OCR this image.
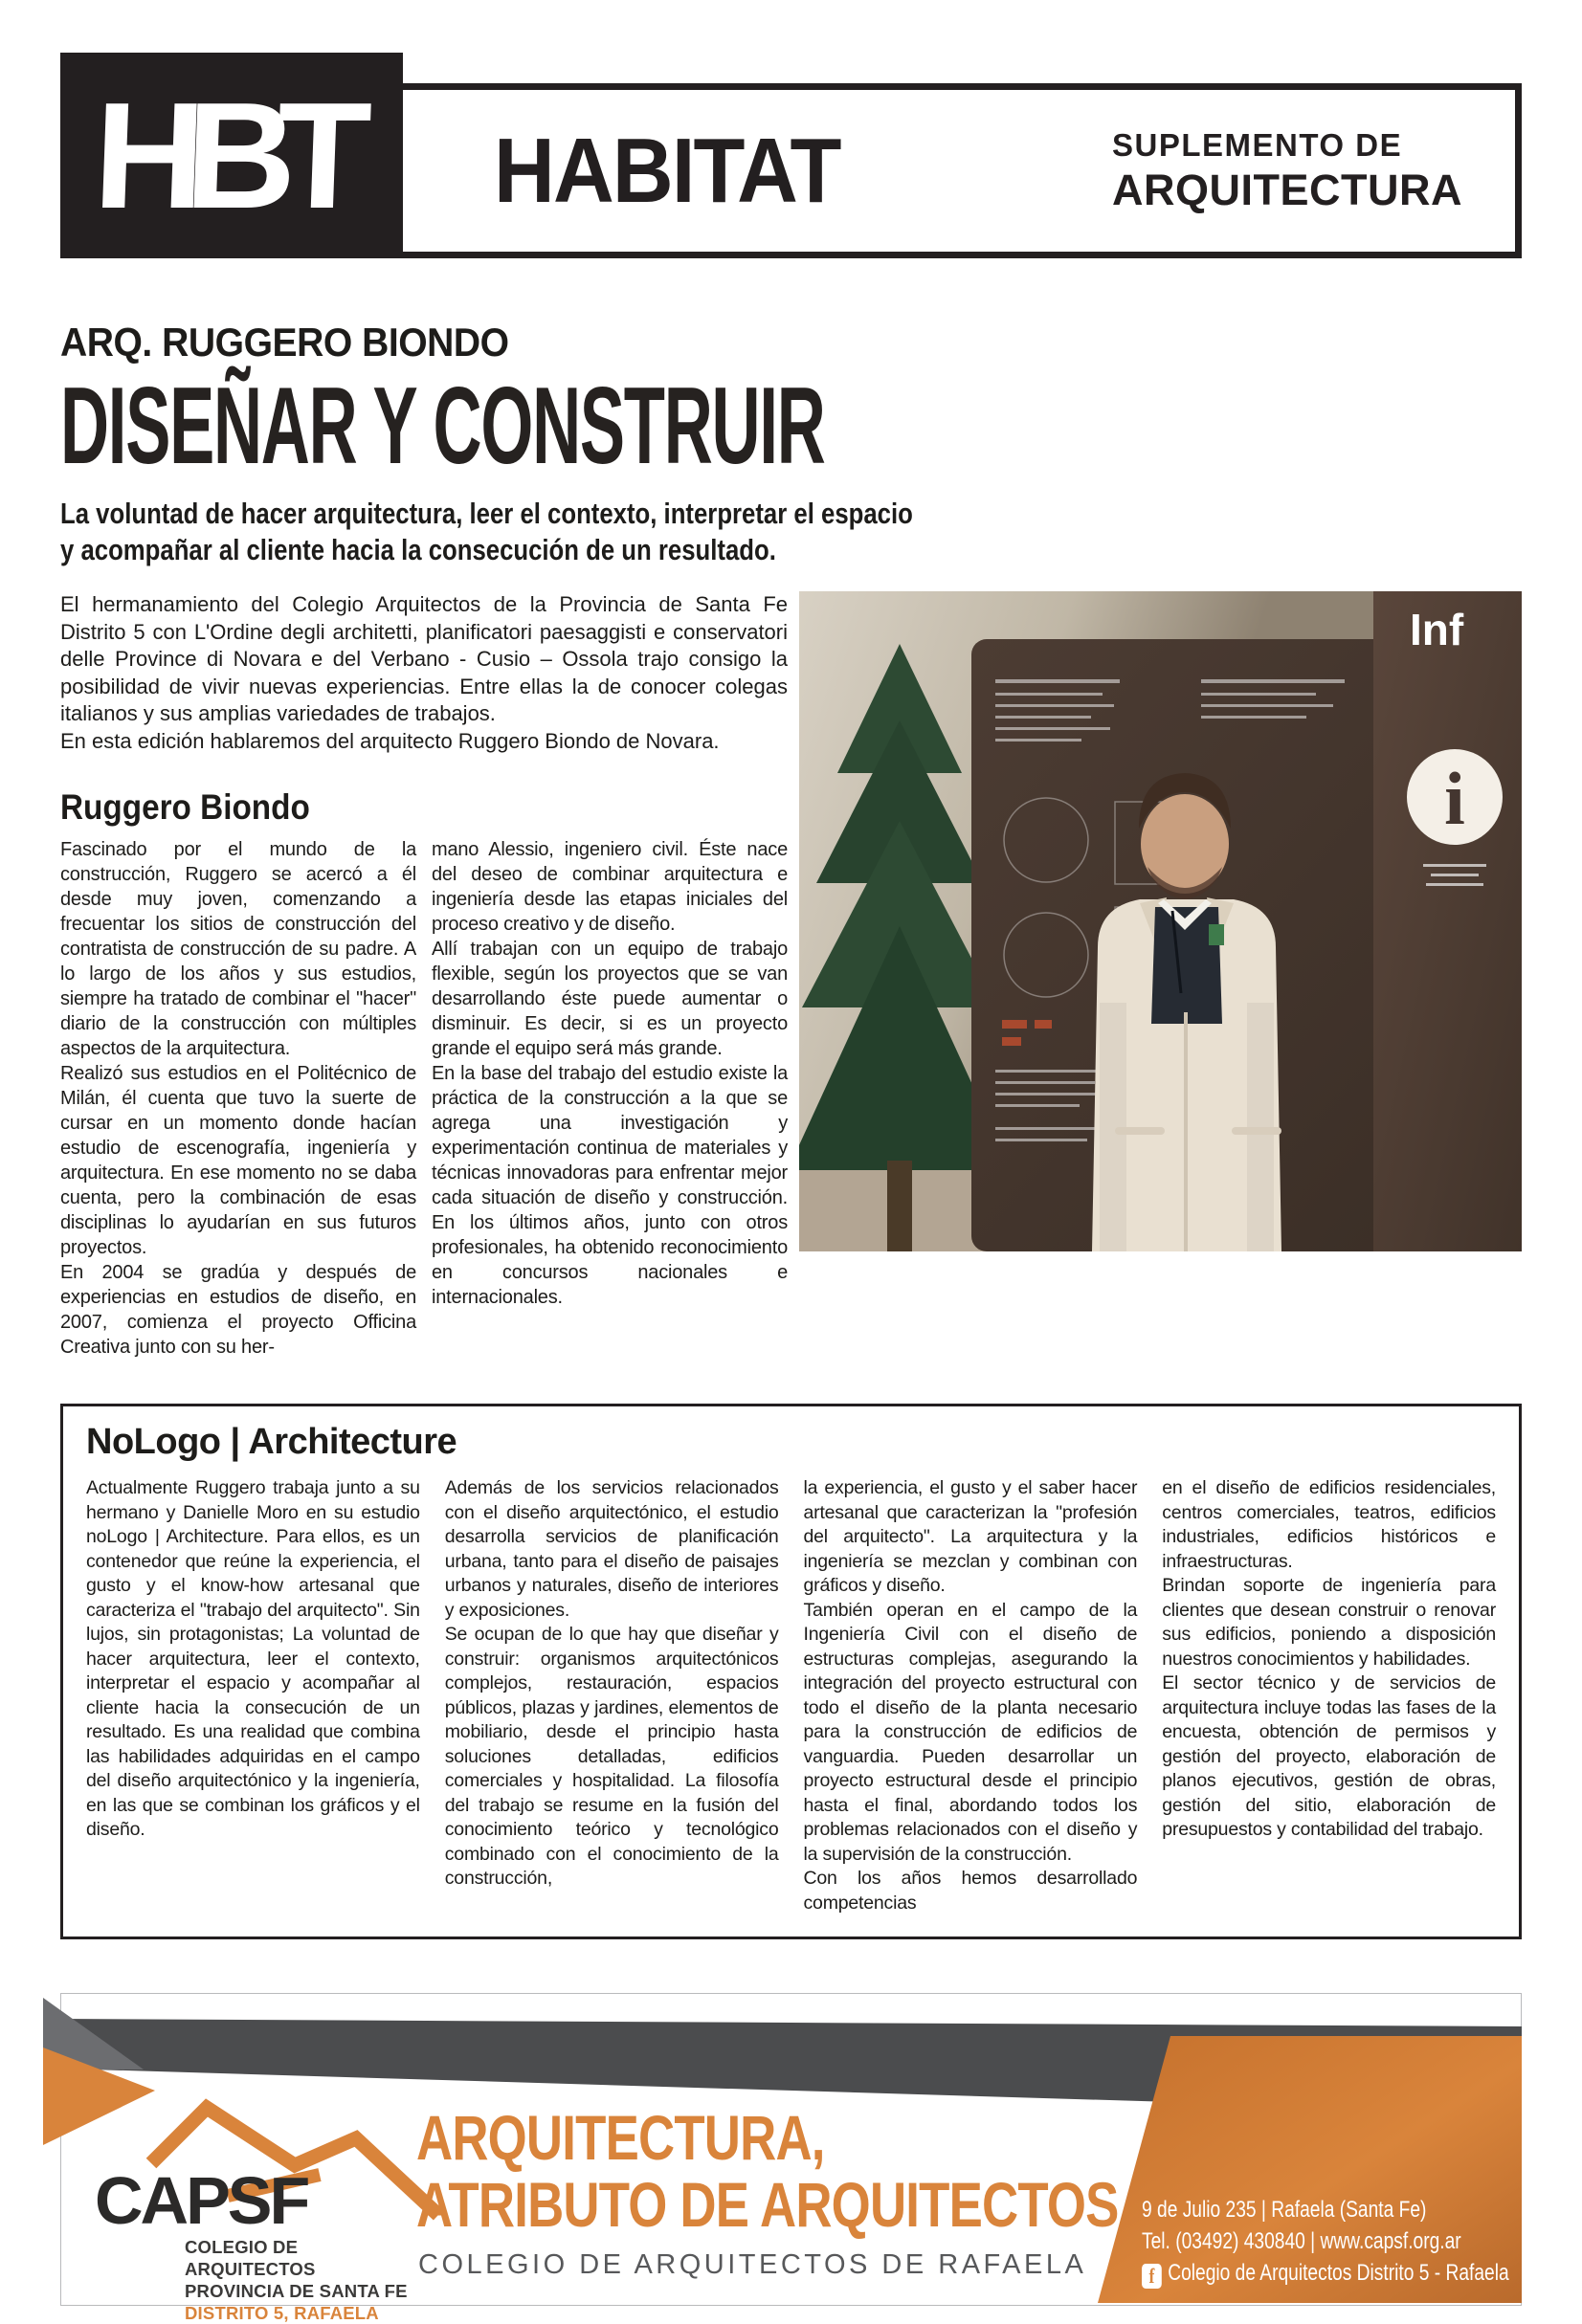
HBT HABITAT	SUPLEMENTO DE
ARQUITECTURA
ARQ. RUGGERO BIONDO
DISEÑAR Y CONSTRUIR
La voluntad de hacer arquitectura, leer el contexto, interpretar el espacio
y acompañar al cliente hacia la consecución de un resultado.

El hermanamiento del Colegio Arquitectos de la Provincia de Santa Fe Distrito 5 con L'Ordine degli architetti, planificatori paesaggisti e conservatori delle Province di Novara e del Verbano - Cusio – Ossola trajo consigo la posibilidad de vivir nuevas experiencias. Entre ellas la de conocer colegas italianos y sus amplias variedades de trabajos.

En esta edición hablaremos del arquitecto Ruggero Biondo de Novara.

Ruggero Biondo

Fascinado por el mundo de la construcción, Ruggero se acercó a él desde muy joven, comenzando a frecuentar los sitios de construcción del contratista de construcción de su padre. A lo largo de los años y sus estudios, siempre ha tratado de combinar el "hacer" diario de la construcción con múltiples aspectos de la arquitectura.

Realizó sus estudios en el Politécnico de Milán, él cuenta que tuvo la suerte de cursar en un momento donde hacían estudio de escenografía, ingeniería y arquitectura. En ese momento no se daba cuenta, pero la combinación de esas disciplinas lo ayudarían en sus futuros proyectos.

En 2004 se gradúa y después de experiencias en estudios de diseño, en 2007, comienza el proyecto Officina Creativa junto con su her-

mano Alessio, ingeniero civil. Éste nace del deseo de combinar arquitectura e ingeniería desde las etapas iniciales del proceso creativo y de diseño.

Allí trabajan con un equipo de trabajo flexible, según los proyectos que se van desarrollando éste puede aumentar o disminuir. Es decir, si es un proyecto grande el equipo será más grande.

En la base del trabajo del estudio existe la práctica de la construcción a la que se agrega una investigación y experimentación continua de materiales y técnicas innovadoras para enfrentar mejor cada situación de diseño y construcción. En los últimos años, junto con otros profesionales, ha obtenido reconocimiento en concursos nacionales e internacionales.

Inf
i
NoLogo | Architecture

Actualmente Ruggero trabaja junto a su hermano y Danielle Moro en su estudio noLogo | Architecture. Para ellos, es un contenedor que reúne la experiencia, el gusto y el know-how artesanal que caracteriza el "trabajo del arquitecto". Sin lujos, sin protagonistas; La voluntad de hacer arquitectura, leer el contexto, interpretar el espacio y acompañar al cliente hacia la consecución de un resultado. Es una realidad que combina las habilidades adquiridas en el campo del diseño arquitectónico y la ingeniería, en las que se combinan los gráficos y el diseño.

Además de los servicios relacionados con el diseño arquitectónico, el estudio desarrolla servicios de planificación urbana, tanto para el diseño de paisajes urbanos y naturales, diseño de interiores y exposiciones.

Se ocupan de lo que hay que diseñar y construir: organismos arquitectónicos complejos, restauración, espacios públicos, plazas y jardines, elementos de mobiliario, desde el principio hasta soluciones detalladas, edificios comerciales y hospitalidad. La filosofía del trabajo se resume en la fusión del conocimiento teórico y tecnológico combinado con el conocimiento de la construcción,

la experiencia, el gusto y el saber hacer artesanal que caracterizan la "profesión del arquitecto". La arquitectura y la ingeniería se mezclan y combinan con gráficos y diseño.

También operan en el campo de la Ingeniería Civil con el diseño de estructuras complejas, asegurando la integración del proyecto estructural con todo el diseño de la planta necesario para la construcción de edificios de vanguardia. Pueden desarrollar un proyecto estructural desde el principio hasta el final, abordando todos los problemas relacionados con el diseño y la supervisión de la construcción.

Con los años hemos desarrollado competencias

en el diseño de edificios residenciales, centros comerciales, teatros, edificios industriales, edificios históricos e infraestructuras.

Brindan soporte de ingeniería para clientes que desean construir o renovar sus edificios, poniendo a disposición nuestros conocimientos y habilidades.

El sector técnico y de servicios de arquitectura incluye todas las fases de la encuesta, obtención de permisos y gestión del proyecto, elaboración de planos ejecutivos, gestión de obras, gestión del sitio, elaboración de presupuestos y contabilidad del trabajo.

CAPSF
COLEGIO DE ARQUITECTOS
PROVINCIA DE SANTA FE
DISTRITO 5, RAFAELA
ARQUITECTURA,
ATRIBUTO DE ARQUITECTOS
COLEGIO DE ARQUITECTOS DE RAFAELA
9 de Julio 235 | Rafaela (Santa Fe)
Tel. (03492) 430840 | www.capsf.org.ar
f Colegio de Arquitectos Distrito 5 - Rafaela
